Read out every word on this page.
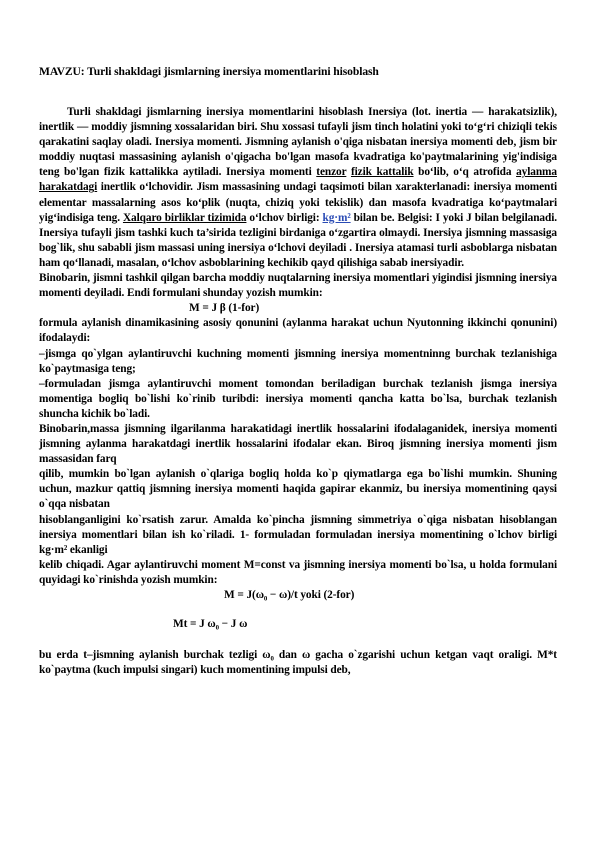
MAVZU: Turli shakldagi jismlarning inersiya momentlarini hisoblash

Turli shakldagi jismlarning inersiya momentlarini hisoblash Inersiya (lot. inertia — harakatsizlik), inertlik — moddiy jismning xossalaridan biri. Shu xossasi tufayli jism tinch holatini yoki to‘g‘ri chiziqli tekis qarakatini saqlay oladi. Inersiya momenti. Jismning aylanish o'qiga nisbatan inersiya momenti deb, jism bir moddiy nuqtasi massasining aylanish o'qigacha bo'lgan masofa kvadratiga ko'paytmalarining yig'indisiga teng bo'lgan fizik kattalikka aytiladi. Inersiya momenti tenzor fizik kattalik bo‘lib, o‘q atrofida aylanma harakatdagi inertlik o‘lchovidir. Jism massasining undagi taqsimoti bilan xarakterlanadi: inersiya momenti elementar massalarning asos ko‘plik (nuqta, chiziq yoki tekislik) dan masofa kvadratiga ko‘paytmalari yig‘indisiga teng. Xalqaro birliklar tizimida o‘lchov birligi: kg·m² bilan be. Belgisi: I yoki J bilan belgilanadi. Inersiya tufayli jism tashki kuch ta’sirida tezligini birdaniga o‘zgartira olmaydi. Inersiya jismning massasiga bog`lik, shu sababli jism massasi uning inersiya o‘lchovi deyiladi . Inersiya atamasi turli asboblarga nisbatan ham qo‘llanadi, masalan, o‘lchov asboblarining kechikib qayd qilishiga sabab inersiyadir.

Binobarin, jismni tashkil qilgan barcha moddiy nuqtalarning inersiya momentlari yigindisi jismning inersiya momenti deyiladi. Endi formulani shunday yozish mumkin:

M = J β (1-for)

formula aylanish dinamikasining asosiy qonunini (aylanma harakat uchun Nyutonning ikkinchi qonunini) ifodalaydi:

–jismga qo`ylgan aylantiruvchi kuchning momenti jismning inersiya momentninng burchak tezlanishiga ko`paytmasiga teng;

–formuladan jismga aylantiruvchi moment tomondan beriladigan burchak tezlanish jismga inersiya momentiga bogliq bo`lishi ko`rinib turibdi: inersiya momenti qancha katta bo`lsa, burchak tezlanish shuncha kichik bo`ladi.

Binobarin,massa jismning ilgarilanma harakatidagi inertlik hossalarini ifodalaganidek, inersiya momenti jismning aylanma harakatdagi inertlik hossalarini ifodalar ekan. Biroq jismning inersiya momenti jism massasidan farq

qilib, mumkin bo`lgan aylanish o`qlariga bogliq holda ko`p qiymatlarga ega bo`lishi mumkin. Shuning uchun, mazkur qattiq jismning inersiya momenti haqida gapirar ekanmiz, bu inersiya momentining qaysi o`qqa nisbatan

hisoblanganligini ko`rsatish zarur. Amalda ko`pincha jismning simmetriya o`qiga nisbatan hisoblangan inersiya momentlari bilan ish ko`riladi. 1- formuladan formuladan inersiya momentining o`lchov birligi kg·m² ekanligi

kelib chiqadi. Agar aylantiruvchi moment M=const va jismning inersiya momenti bo`lsa, u holda formulani quyidagi ko`rinishda yozish mumkin:

M = J(ω₀ − ω)/t yoki (2-for)

Mt = J ω₀ − J ω

bu erda t–jismning aylanish burchak tezligi ω₀ dan ω gacha o`zgarishi uchun ketgan vaqt oraligi. M*t ko`paytma (kuch impulsi singari) kuch momentining impulsi deb,
